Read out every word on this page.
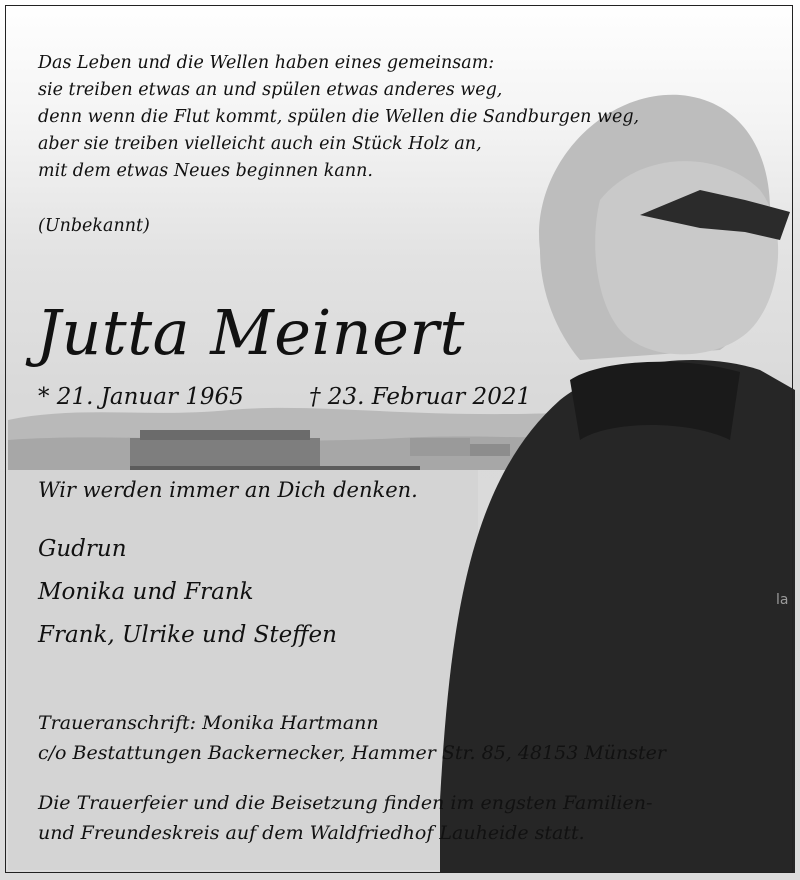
la
Das Leben und die Wellen haben eines gemeinsam:
sie treiben etwas an und spülen etwas anderes weg,
denn wenn die Flut kommt, spülen die Wellen die Sandburgen weg,
aber sie treiben vielleicht auch ein Stück Holz an,
mit dem etwas Neues beginnen kann.
(Unbekannt)
Jutta Meinert
* 21. Januar 1965	† 23. Februar 2021
Wir werden immer an Dich denken.
Gudrun
Monika und Frank
Frank, Ulrike und Steffen
Traueranschrift: Monika Hartmann
c/o Bestattungen Backernecker, Hammer Str. 85, 48153 Münster
Die Trauerfeier und die Beisetzung finden im engsten Familien-
und Freundeskreis auf dem Waldfriedhof Lauheide statt.
